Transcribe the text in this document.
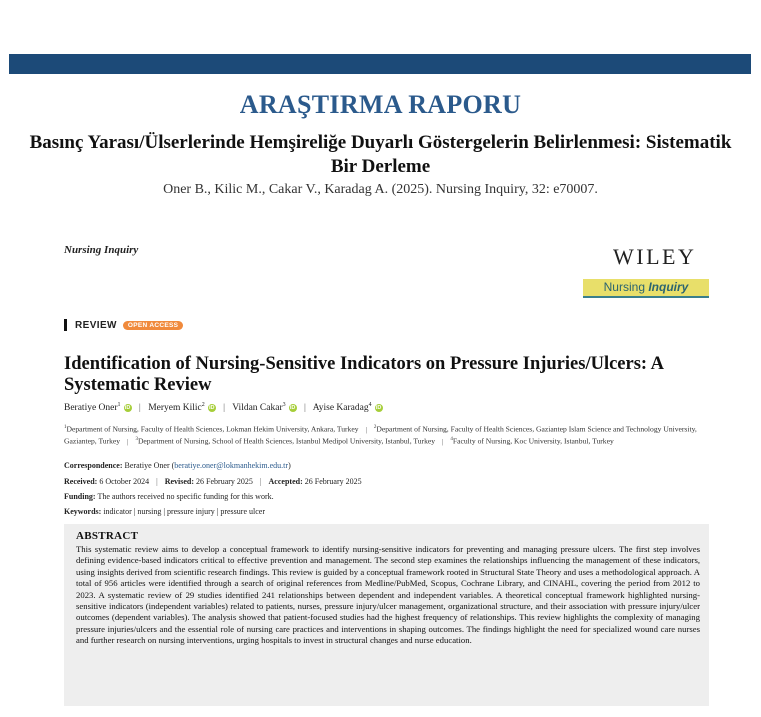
ARAŞTIRMA RAPORU
Basınç Yarası/Ülserlerinde Hemşireliğe Duyarlı Göstergelerin Belirlenmesi: Sistematik Bir Derleme
Oner B., Kilic M., Cakar V., Karadag A. (2025). Nursing Inquiry, 32: e70007.
Nursing Inquiry	WILEY
Nursing Inquiry
REVIEW	OPEN ACCESS
Identification of Nursing-Sensitive Indicators on Pressure Injuries/Ulcers: A Systematic Review
Beratiye Oner$^1$ iD | Meryem Kilic$^2$ iD | Vildan Cakar$^3$ iD | Ayise Karadag$^4$ iD
$^1$Department of Nursing, Faculty of Health Sciences, Lokman Hekim University, Ankara, Turkey | $^2$Department of Nursing, Faculty of Health Sciences, Gaziantep Islam Science and Technology University, Gaziantep, Turkey | $^3$Department of Nursing, School of Health Sciences, Istanbul Medipol University, Istanbul, Turkey | $^4$Faculty of Nursing, Koc University, Istanbul, Turkey
Correspondence: Beratiye Oner (beratiye.oner@lokmanhekim.edu.tr)
Received: 6 October 2024 | Revised: 26 February 2025 | Accepted: 26 February 2025
Funding: The authors received no specific funding for this work.
Keywords: indicator | nursing | pressure injury | pressure ulcer
ABSTRACT
This systematic review aims to develop a conceptual framework to identify nursing-sensitive indicators for preventing and managing pressure ulcers. The first step involves defining evidence-based indicators critical to effective prevention and management. The second step examines the relationships influencing the management of these indicators, using insights derived from scientific research findings. This review is guided by a conceptual framework rooted in Structural State Theory and uses a methodological approach. A total of 956 articles were identified through a search of original references from Medline/PubMed, Scopus, Cochrane Library, and CINAHL, covering the period from 2012 to 2023. A systematic review of 29 studies identified 241 relationships between dependent and independent variables. A theoretical conceptual framework highlighted nursing-sensitive indicators (independent variables) related to patients, nurses, pressure injury/ulcer management, organizational structure, and their association with pressure injury/ulcer outcomes (dependent variables). The analysis showed that patient-focused studies had the highest frequency of relationships. This review highlights the complexity of managing pressure injuries/ulcers and the essential role of nursing care practices and interventions in shaping outcomes. The findings highlight the need for specialized wound care nurses and further research on nursing interventions, urging hospitals to invest in structural changes and nurse education.
